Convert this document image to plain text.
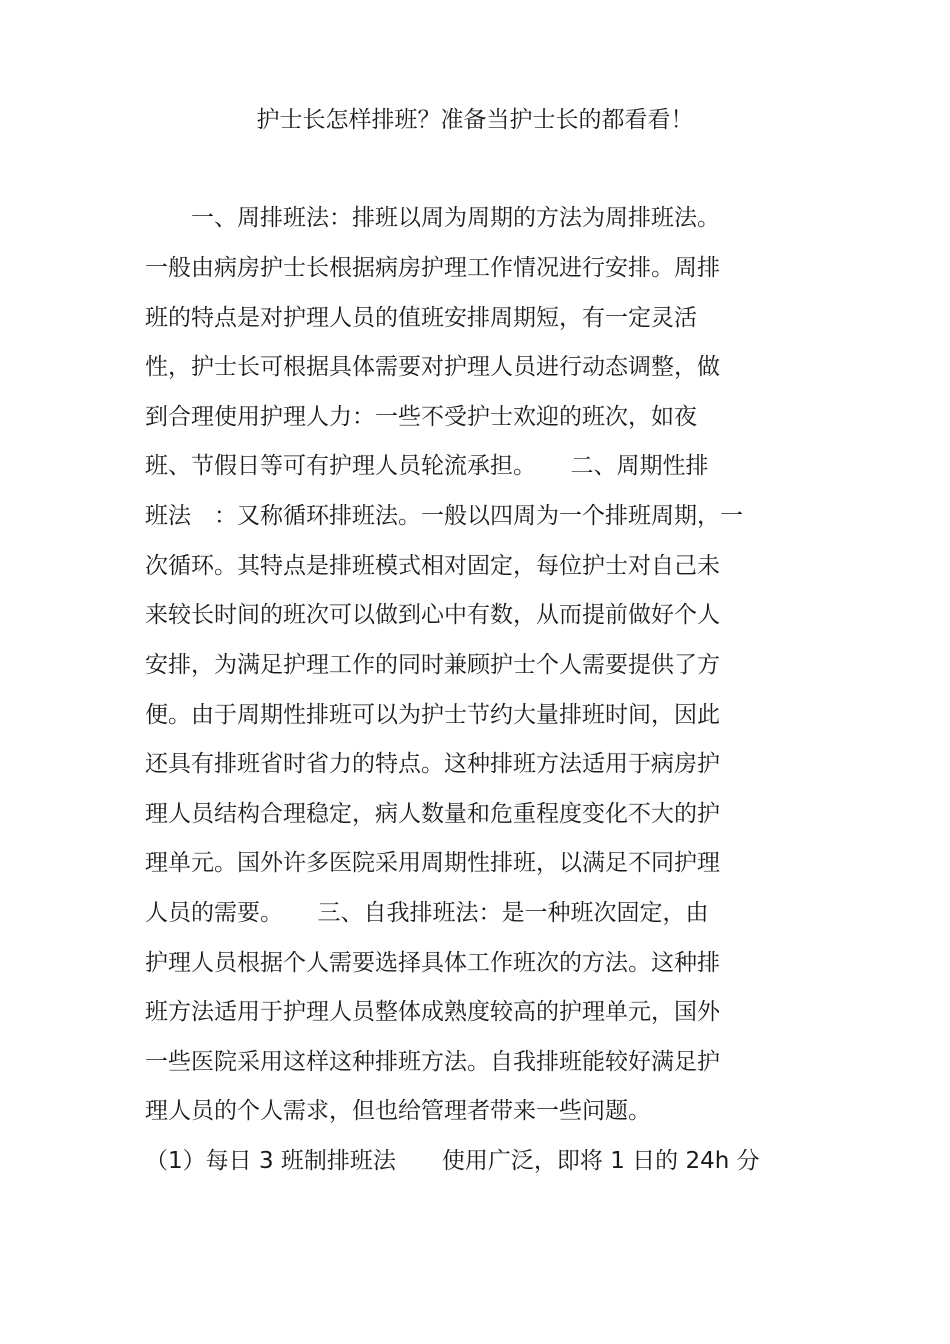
护士长怎样排班？准备当护士长的都看看！
　　一、周排班法：排班以周为周期的方法为周排班法。
一般由病房护士长根据病房护理工作情况进行安排。周排
班的特点是对护理人员的值班安排周期短，有一定灵活
性，护士长可根据具体需要对护理人员进行动态调整，做
到合理使用护理人力：一些不受护士欢迎的班次，如夜
班、节假日等可有护理人员轮流承担。　　二、周期性排
班法　：又称循环排班法。一般以四周为一个排班周期，一
次循环。其特点是排班模式相对固定，每位护士对自己未
来较长时间的班次可以做到心中有数，从而提前做好个人
安排，为满足护理工作的同时兼顾护士个人需要提供了方
便。由于周期性排班可以为护士节约大量排班时间，因此
还具有排班省时省力的特点。这种排班方法适用于病房护
理人员结构合理稳定，病人数量和危重程度变化不大的护
理单元。国外许多医院采用周期性排班，以满足不同护理
人员的需要。　　三、自我排班法：是一种班次固定，由
护理人员根据个人需要选择具体工作班次的方法。这种排
班方法适用于护理人员整体成熟度较高的护理单元，国外
一些医院采用这样这种排班方法。自我排班能较好满足护
理人员的个人需求，但也给管理者带来一些问题。
（1）每日 3 班制排班法　　使用广泛，即将 1 日的 24h 分
